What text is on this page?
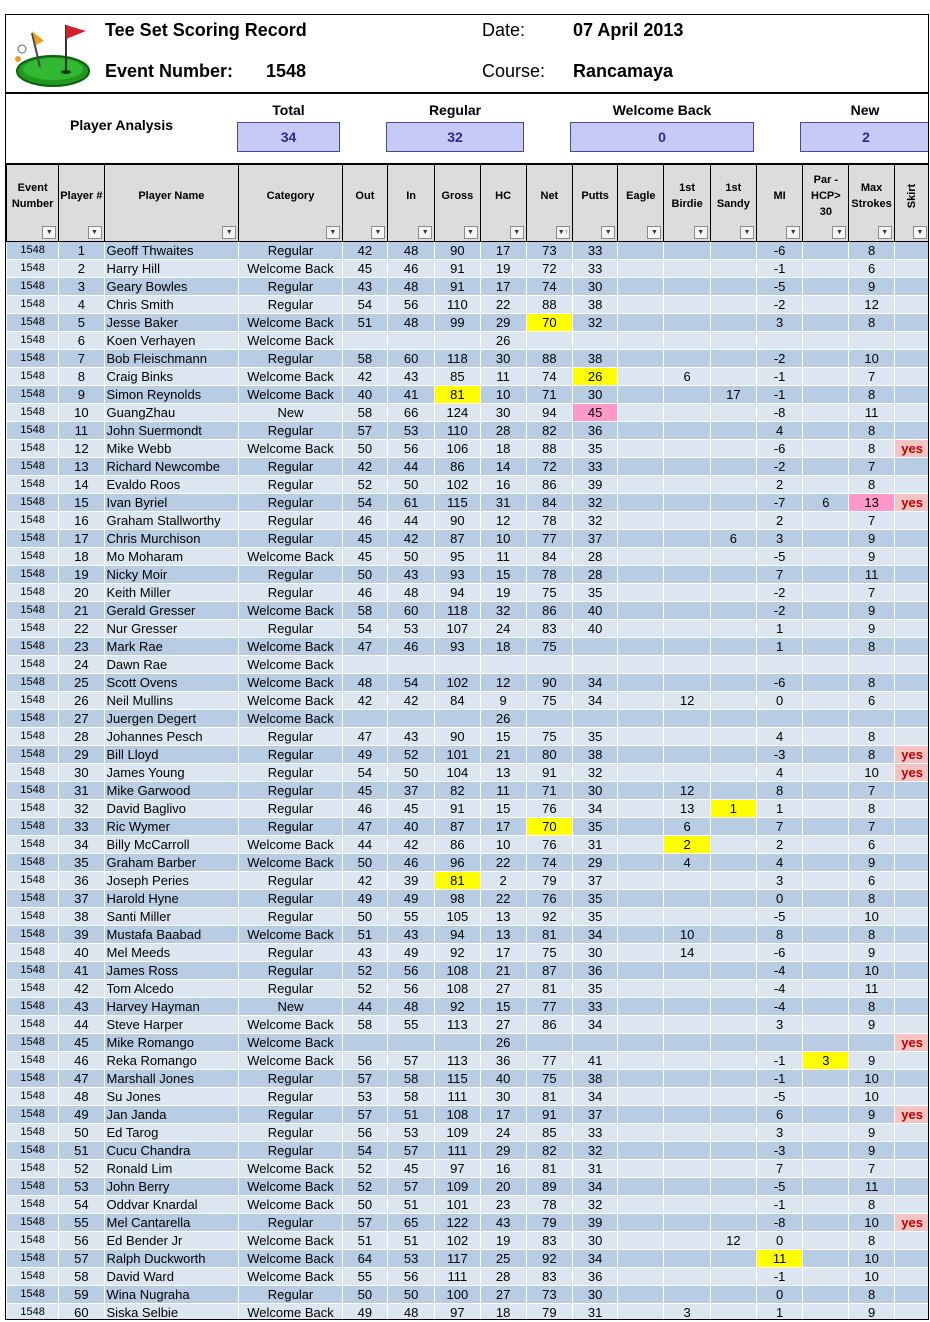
Tee Set Scoring Record
Event Number: 1548
Date:	07 April 2013
Course: Rancamaya
Player Analysis
Total
34
Regular
32
Welcome Back
0
New
2
Event Number
▼	Player #
▼	Player Name
▼	Category
▼	Out
▼	In
▼	Gross
▼	HC
▼	Net
▼↑	Putts
▼	Eagle
▼	1st Birdie
▼	1st Sandy
▼	MI
▼	Par - HCP> 30
▼	Max Strokes
▼	Skirt
▼

1548	1	Geoff Thwaites	Regular	42	48	90	17	73	33				-6		8	
1548	2	Harry Hill	Welcome Back	45	46	91	19	72	33				-1		6	
1548	3	Geary Bowles	Regular	43	48	91	17	74	30				-5		9	
1548	4	Chris Smith	Regular	54	56	110	22	88	38				-2		12	
1548	5	Jesse Baker	Welcome Back	51	48	99	29	70	32				3		8	
1548	6	Koen Verhayen	Welcome Back				26									
1548	7	Bob Fleischmann	Regular	58	60	118	30	88	38				-2		10	
1548	8	Craig Binks	Welcome Back	42	43	85	11	74	26		6		-1		7	
1548	9	Simon Reynolds	Welcome Back	40	41	81	10	71	30			17	-1		8	
1548	10	GuangZhau	New	58	66	124	30	94	45				-8		11	
1548	11	John Suermondt	Regular	57	53	110	28	82	36				4		8	
1548	12	Mike Webb	Welcome Back	50	56	106	18	88	35				-6		8	yes
1548	13	Richard Newcombe	Regular	42	44	86	14	72	33				-2		7	
1548	14	Evaldo Roos	Regular	52	50	102	16	86	39				2		8	
1548	15	Ivan Byriel	Regular	54	61	115	31	84	32				-7	6	13	yes
1548	16	Graham Stallworthy	Regular	46	44	90	12	78	32				2		7	
1548	17	Chris Murchison	Regular	45	42	87	10	77	37			6	3		9	
1548	18	Mo Moharam	Welcome Back	45	50	95	11	84	28				-5		9	
1548	19	Nicky Moir	Regular	50	43	93	15	78	28				7		11	
1548	20	Keith Miller	Regular	46	48	94	19	75	35				-2		7	
1548	21	Gerald Gresser	Welcome Back	58	60	118	32	86	40				-2		9	
1548	22	Nur Gresser	Regular	54	53	107	24	83	40				1		9	
1548	23	Mark Rae	Welcome Back	47	46	93	18	75					1		8	
1548	24	Dawn Rae	Welcome Back													
1548	25	Scott Ovens	Welcome Back	48	54	102	12	90	34				-6		8	
1548	26	Neil Mullins	Welcome Back	42	42	84	9	75	34		12		0		6	
1548	27	Juergen Degert	Welcome Back				26									
1548	28	Johannes Pesch	Regular	47	43	90	15	75	35				4		8	
1548	29	Bill Lloyd	Regular	49	52	101	21	80	38				-3		8	yes
1548	30	James Young	Regular	54	50	104	13	91	32				4		10	yes
1548	31	Mike Garwood	Regular	45	37	82	11	71	30		12		8		7	
1548	32	David Baglivo	Regular	46	45	91	15	76	34		13	1	1		8	
1548	33	Ric Wymer	Regular	47	40	87	17	70	35		6		7		7	
1548	34	Billy McCarroll	Welcome Back	44	42	86	10	76	31		2		2		6	
1548	35	Graham Barber	Welcome Back	50	46	96	22	74	29		4		4		9	
1548	36	Joseph Peries	Regular	42	39	81	2	79	37				3		6	
1548	37	Harold Hyne	Regular	49	49	98	22	76	35				0		8	
1548	38	Santi Miller	Regular	50	55	105	13	92	35				-5		10	
1548	39	Mustafa Baabad	Welcome Back	51	43	94	13	81	34		10		8		8	
1548	40	Mel Meeds	Regular	43	49	92	17	75	30		14		-6		9	
1548	41	James Ross	Regular	52	56	108	21	87	36				-4		10	
1548	42	Tom Alcedo	Regular	52	56	108	27	81	35				-4		11	
1548	43	Harvey Hayman	New	44	48	92	15	77	33				-4		8	
1548	44	Steve Harper	Welcome Back	58	55	113	27	86	34				3		9	
1548	45	Mike Romango	Welcome Back				26									yes
1548	46	Reka Romango	Welcome Back	56	57	113	36	77	41				-1	3	9	
1548	47	Marshall Jones	Regular	57	58	115	40	75	38				-1		10	
1548	48	Su Jones	Regular	53	58	111	30	81	34				-5		10	
1548	49	Jan Janda	Regular	57	51	108	17	91	37				6		9	yes
1548	50	Ed Tarog	Regular	56	53	109	24	85	33				3		9	
1548	51	Cucu Chandra	Regular	54	57	111	29	82	32				-3		9	
1548	52	Ronald Lim	Welcome Back	52	45	97	16	81	31				7		7	
1548	53	John Berry	Welcome Back	52	57	109	20	89	34				-5		11	
1548	54	Oddvar Knardal	Welcome Back	50	51	101	23	78	32				-1		8	
1548	55	Mel Cantarella	Regular	57	65	122	43	79	39				-8		10	yes
1548	56	Ed Bender Jr	Welcome Back	51	51	102	19	83	30			12	0		8	
1548	57	Ralph Duckworth	Welcome Back	64	53	117	25	92	34				11		10	
1548	58	David Ward	Welcome Back	55	56	111	28	83	36				-1		10	
1548	59	Wina Nugraha	Regular	50	50	100	27	73	30				0		8	
1548	60	Siska Selbie	Welcome Back	49	48	97	18	79	31		3		1		9	
